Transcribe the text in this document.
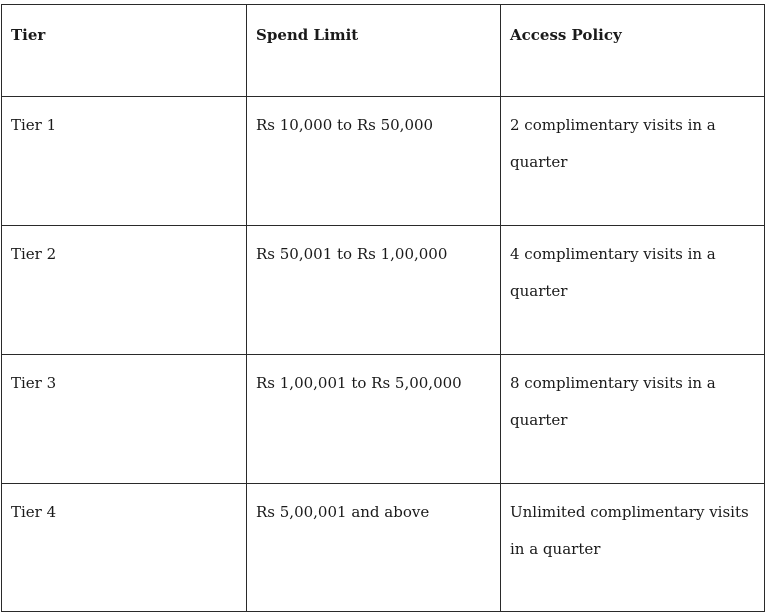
Tier	Spend Limit	Access Policy
Tier 1	Rs 10,000 to Rs 50,000	2 complimentary visits in a quarter
Tier 2	Rs 50,001 to Rs 1,00,000	4 complimentary visits in a quarter
Tier 3	Rs 1,00,001 to Rs 5,00,000	8 complimentary visits in a quarter
Tier 4	Rs 5,00,001 and above	Unlimited complimentary visits in a quarter
